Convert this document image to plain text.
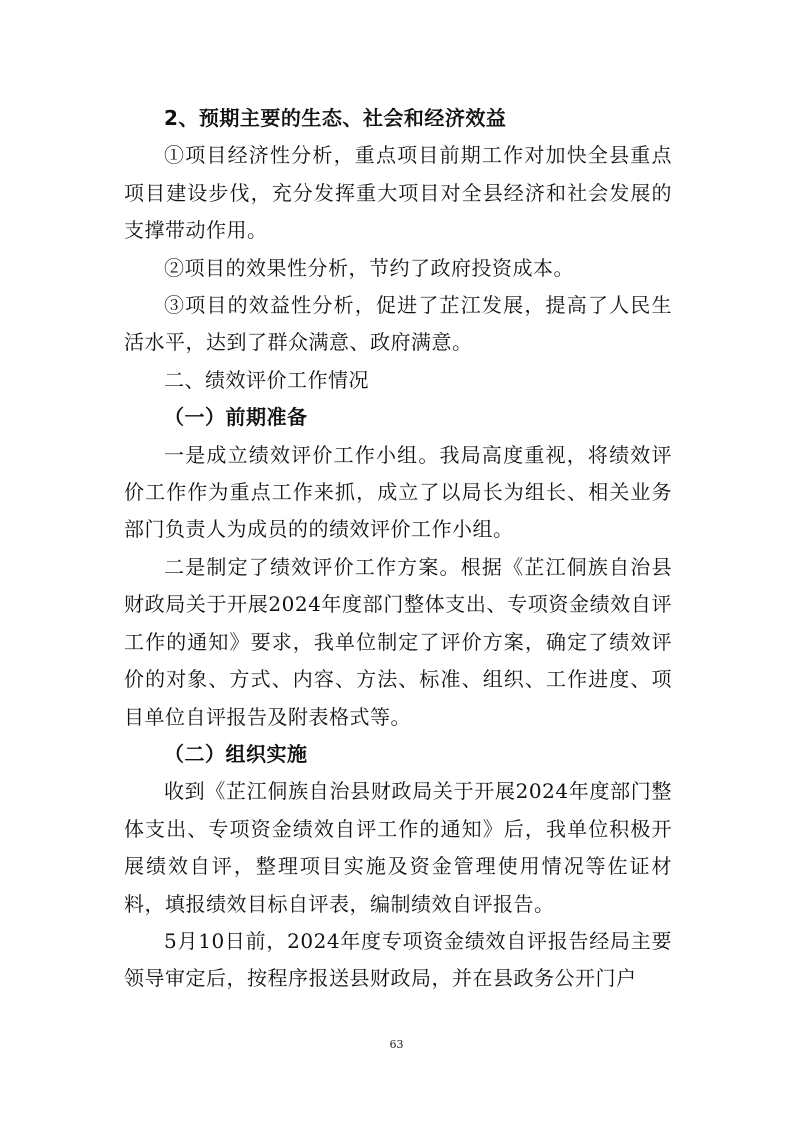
2、预期主要的生态、社会和经济效益

①项目经济性分析，重点项目前期工作对加快全县重点项目建设步伐，充分发挥重大项目对全县经济和社会发展的支撑带动作用。

②项目的效果性分析，节约了政府投资成本。

③项目的效益性分析，促进了芷江发展，提高了人民生活水平，达到了群众满意、政府满意。

二、绩效评价工作情况

（一）前期准备

一是成立绩效评价工作小组。我局高度重视，将绩效评价工作作为重点工作来抓，成立了以局长为组长、相关业务部门负责人为成员的的绩效评价工作小组。

二是制定了绩效评价工作方案。根据《芷江侗族自治县财政局关于开展2024年度部门整体支出、专项资金绩效自评工作的通知》要求，我单位制定了评价方案，确定了绩效评价的对象、方式、内容、方法、标准、组织、工作进度、项目单位自评报告及附表格式等。

（二）组织实施

收到《芷江侗族自治县财政局关于开展2024年度部门整体支出、专项资金绩效自评工作的通知》后，我单位积极开展绩效自评，整理项目实施及资金管理使用情况等佐证材料，填报绩效目标自评表，编制绩效自评报告。

5月10日前，2024年度专项资金绩效自评报告经局主要领导审定后，按程序报送县财政局，并在县政务公开门户

63
